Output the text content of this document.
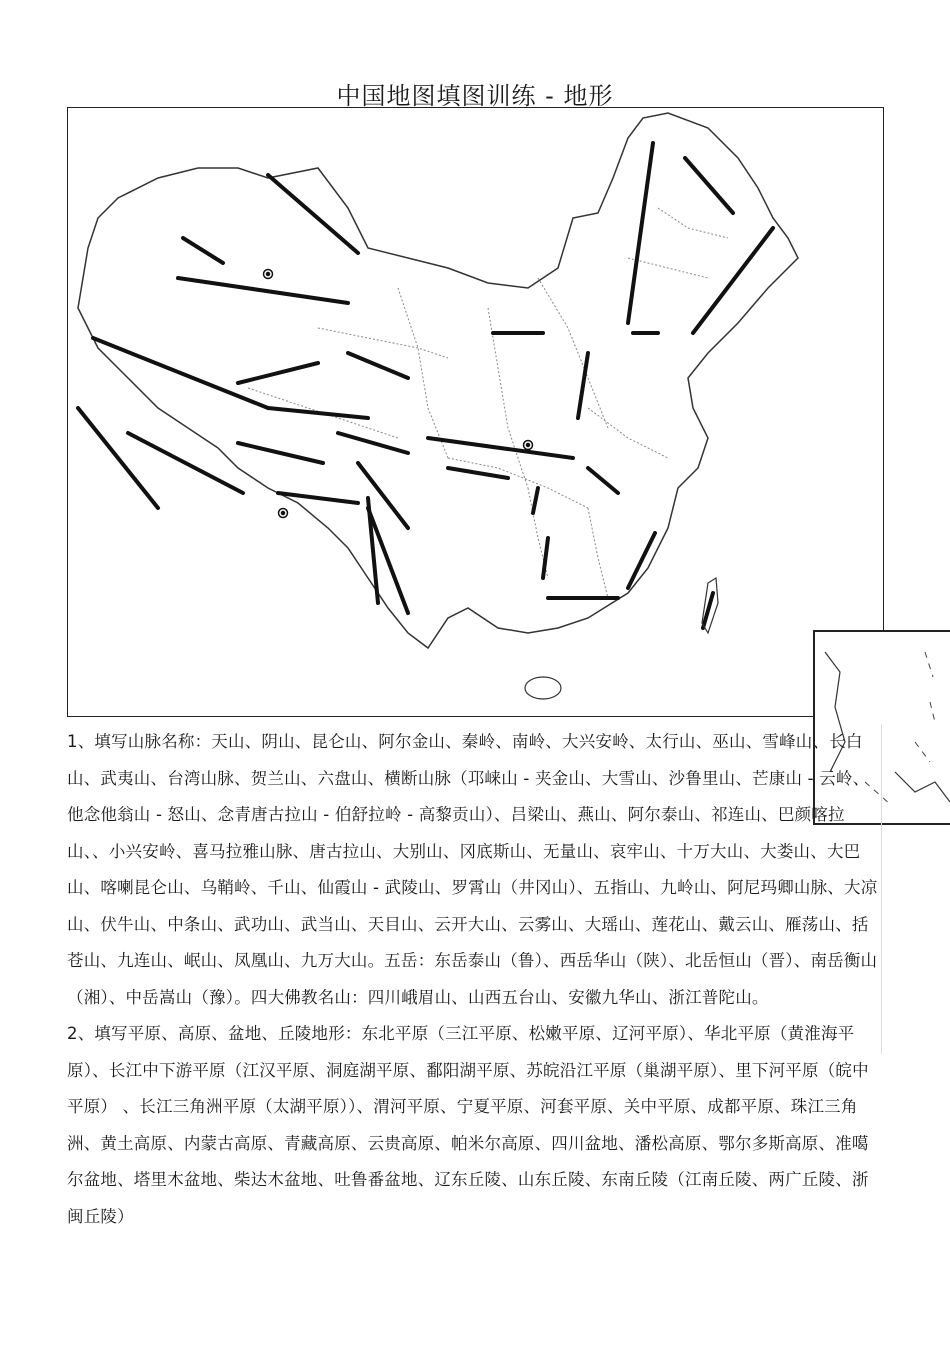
中国地图填图训练 - 地形

1、填写山脉名称：天山、阴山、昆仑山、阿尔金山、秦岭、南岭、大兴安岭、太行山、巫山、雪峰山、长白山、武夷山、台湾山脉、贺兰山、六盘山、横断山脉（邛崃山 - 夹金山、大雪山、沙鲁里山、芒康山 - 云岭、他念他翁山 - 怒山、念青唐古拉山 - 伯舒拉岭 - 高黎贡山）、吕梁山、燕山、阿尔泰山、祁连山、巴颜喀拉山、、小兴安岭、喜马拉雅山脉、唐古拉山、大别山、冈底斯山、无量山、哀牢山、十万大山、大娄山、大巴山、喀喇昆仑山、乌鞘岭、千山、仙霞山 - 武陵山、罗霄山（井冈山）、五指山、九岭山、阿尼玛卿山脉、大凉山、伏牛山、中条山、武功山、武当山、天目山、云开大山、云雾山、大瑶山、莲花山、戴云山、雁荡山、括苍山、九连山、岷山、凤凰山、九万大山。五岳：东岳泰山（鲁）、西岳华山（陕）、北岳恒山（晋）、南岳衡山（湘）、中岳嵩山（豫）。四大佛教名山：四川峨眉山、山西五台山、安徽九华山、浙江普陀山。

2、填写平原、高原、盆地、丘陵地形：东北平原（三江平原、松嫩平原、辽河平原）、华北平原（黄淮海平原）、长江中下游平原（江汉平原、洞庭湖平原、鄱阳湖平原、苏皖沿江平原（巢湖平原）、里下河平原（皖中平原） 、长江三角洲平原（太湖平原））、渭河平原、宁夏平原、河套平原、关中平原、成都平原、珠江三角洲、黄土高原、内蒙古高原、青藏高原、云贵高原、帕米尔高原、四川盆地、潘松高原、鄂尔多斯高原、准噶尔盆地、塔里木盆地、柴达木盆地、吐鲁番盆地、辽东丘陵、山东丘陵、东南丘陵（江南丘陵、两广丘陵、浙闽丘陵）
